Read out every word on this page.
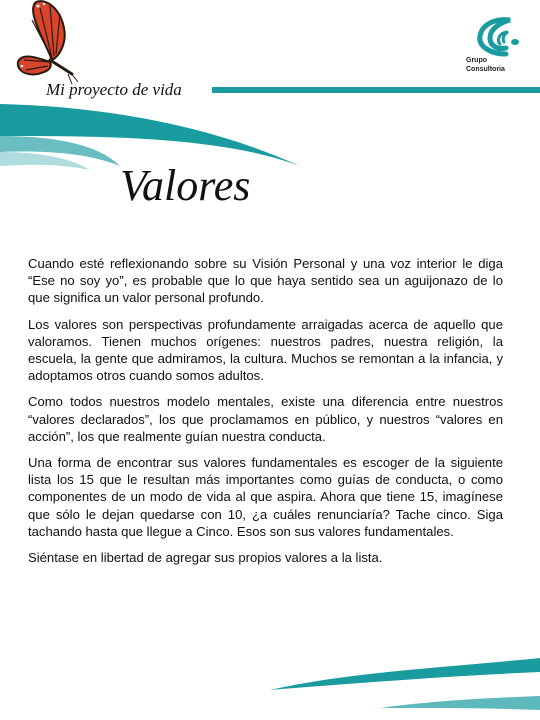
Mi proyecto de vida
Grupo
Consultoria
Valores

Cuando esté reflexionando sobre su Visión Personal y una voz interior le diga “Ese no soy yo”, es probable que lo que haya sentido sea un aguijonazo de lo que significa un valor personal profundo.

Los valores son perspectivas profundamente arraigadas acerca de aquello que valoramos. Tienen muchos orígenes: nuestros padres, nuestra religión, la escuela, la gente que admiramos, la cultura. Muchos se remontan a la infancia, y adoptamos otros cuando somos adultos.

Como todos nuestros modelo mentales, existe una diferencia entre nuestros “valores declarados”, los que proclamamos en público, y nuestros “valores en acción”, los que realmente guían nuestra conducta.

Una forma de encontrar sus valores fundamentales es escoger de la siguiente lista los 15 que le resultan más importantes como guías de conducta, o como componentes de un modo de vida al que aspira. Ahora que tiene 15, imagínese que sólo le dejan quedarse con 10, ¿a cuáles renunciaría? Tache cinco. Siga tachando hasta que llegue a Cinco. Esos son sus valores fundamentales.

Siéntase en libertad de agregar sus propios valores a la lista.
